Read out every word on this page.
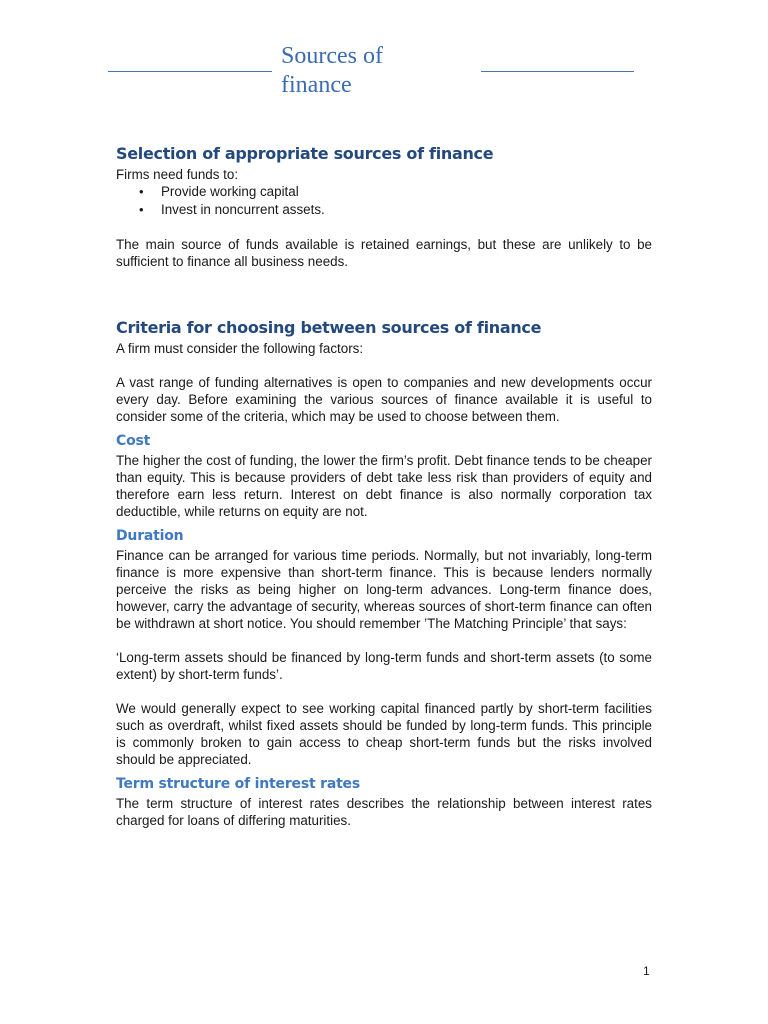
Sources of finance
Selection of appropriate sources of finance

Firms need funds to:

• Provide working capital
• Invest in noncurrent assets.

The main source of funds available is retained earnings, but these are unlikely to be sufficient to finance all business needs.

Criteria for choosing between sources of finance

A firm must consider the following factors:

A vast range of funding alternatives is open to companies and new developments occur every day. Before examining the various sources of finance available it is useful to consider some of the criteria, which may be used to choose between them.

Cost

The higher the cost of funding, the lower the firm’s profit. Debt finance tends to be cheaper than equity. This is because providers of debt take less risk than providers of equity and therefore earn less return. Interest on debt finance is also normally corporation tax deductible, while returns on equity are not.

Duration

Finance can be arranged for various time periods. Normally, but not invariably, long-term finance is more expensive than short-term finance. This is because lenders normally perceive the risks as being higher on long-term advances. Long-term finance does, however, carry the advantage of security, whereas sources of short-term finance can often be withdrawn at short notice. You should remember ’The Matching Principle’ that says:

‘Long-term assets should be financed by long-term funds and short-term assets (to some extent) by short-term funds’.

We would generally expect to see working capital financed partly by short-term facilities such as overdraft, whilst fixed assets should be funded by long-term funds. This principle is commonly broken to gain access to cheap short-term funds but the risks involved should be appreciated.

Term structure of interest rates

The term structure of interest rates describes the relationship between interest rates charged for loans of differing maturities.

1
